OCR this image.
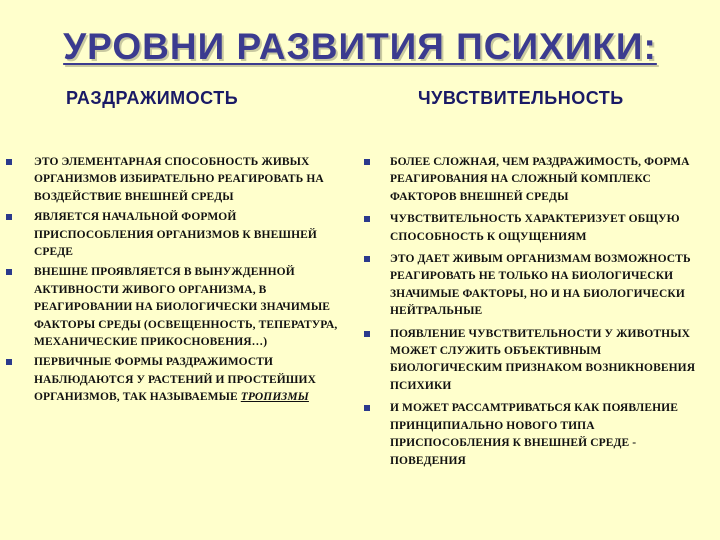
УРОВНИ РАЗВИТИЯ ПСИХИКИ:
РАЗДРАЖИМОСТЬ	ЧУВСТВИТЕЛЬНОСТЬ
ЭТО ЭЛЕМЕНТАРНАЯ СПОСОБНОСТЬ ЖИВЫХ ОРГАНИЗМОВ ИЗБИРАТЕЛЬНО РЕАГИРОВАТЬ НА ВОЗДЕЙСТВИЕ ВНЕШНЕЙ СРЕДЫ
ЯВЛЯЕТСЯ НАЧАЛЬНОЙ ФОРМОЙ ПРИСПОСОБЛЕНИЯ ОРГАНИЗМОВ К ВНЕШНЕЙ СРЕДЕ
ВНЕШНЕ ПРОЯВЛЯЕТСЯ В ВЫНУЖДЕННОЙ АКТИВНОСТИ ЖИВОГО ОРГАНИЗМА, В РЕАГИРОВАНИИ НА БИОЛОГИЧЕСКИ ЗНАЧИМЫЕ ФАКТОРЫ СРЕДЫ (ОСВЕЩЕННОСТЬ, ТЕПЕРАТУРА, МЕХАНИЧЕСКИЕ ПРИКОСНОВЕНИЯ…)
ПЕРВИЧНЫЕ ФОРМЫ РАЗДРАЖИМОСТИ НАБЛЮДАЮТСЯ У РАСТЕНИЙ И ПРОСТЕЙШИХ ОРГАНИЗМОВ, ТАК НАЗЫВАЕМЫЕ ТРОПИЗМЫ
БОЛЕЕ СЛОЖНАЯ, ЧЕМ РАЗДРАЖИМОСТЬ, ФОРМА РЕАГИРОВАНИЯ НА СЛОЖНЫЙ КОМПЛЕКС ФАКТОРОВ ВНЕШНЕЙ СРЕДЫ
ЧУВСТВИТЕЛЬНОСТЬ ХАРАКТЕРИЗУЕТ ОБЩУЮ СПОСОБНОСТЬ К ОЩУЩЕНИЯМ
ЭТО ДАЕТ ЖИВЫМ ОРГАНИЗМАМ ВОЗМОЖНОСТЬ РЕАГИРОВАТЬ НЕ ТОЛЬКО НА БИОЛОГИЧЕСКИ ЗНАЧИМЫЕ ФАКТОРЫ, НО И НА БИОЛОГИЧЕСКИ НЕЙТРАЛЬНЫЕ
ПОЯВЛЕНИЕ ЧУВСТВИТЕЛЬНОСТИ У ЖИВОТНЫХ МОЖЕТ СЛУЖИТЬ ОБЪЕКТИВНЫМ БИОЛОГИЧЕСКИМ ПРИЗНАКОМ ВОЗНИКНОВЕНИЯ ПСИХИКИ
И МОЖЕТ РАССАМТРИВАТЬСЯ КАК ПОЯВЛЕНИЕ ПРИНЦИПИАЛЬНО НОВОГО ТИПА ПРИСПОСОБЛЕНИЯ К ВНЕШНЕЙ СРЕДЕ - ПОВЕДЕНИЯ
